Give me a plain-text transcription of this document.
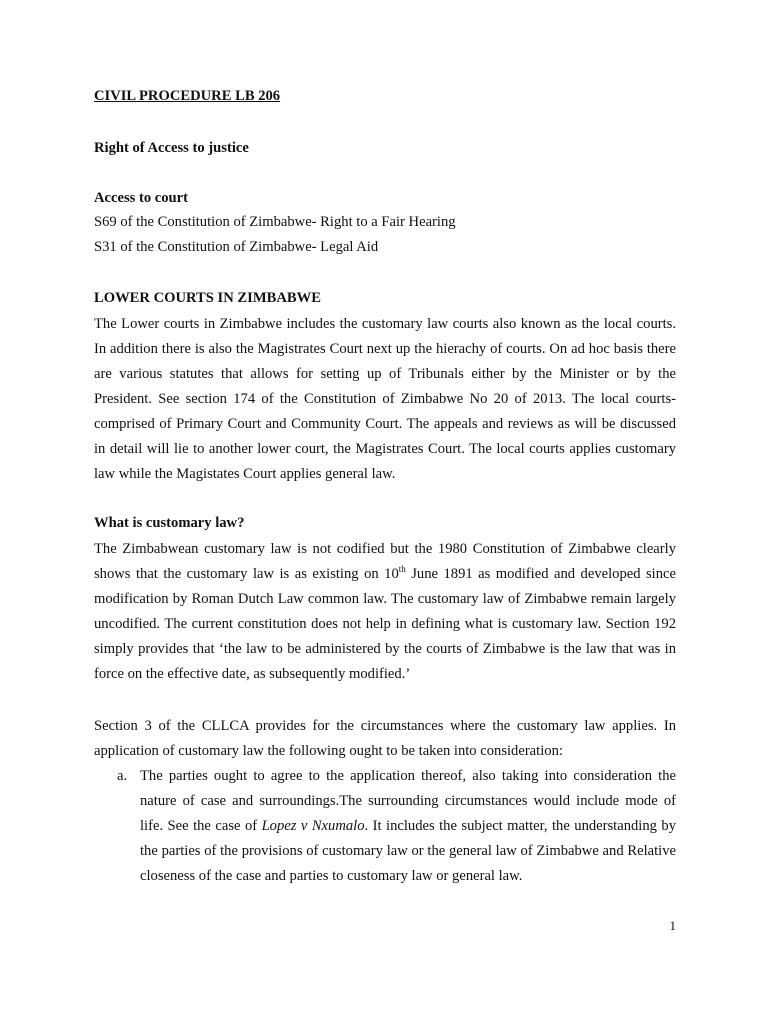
CIVIL PROCEDURE LB 206
Right of Access to justice
Access to court
S69 of the Constitution of Zimbabwe- Right to a Fair Hearing
S31 of the Constitution of Zimbabwe- Legal Aid
LOWER COURTS IN ZIMBABWE
The Lower courts in Zimbabwe includes the customary law courts also known as the local courts. In addition there is also the Magistrates Court next up the hierachy of courts. On ad hoc basis there are various statutes that allows for setting up of Tribunals either by the Minister or by the President. See section 174 of the Constitution of Zimbabwe No 20 of 2013. The local courts-comprised of Primary Court and Community Court. The appeals and reviews as will be discussed in detail will lie to another lower court, the Magistrates Court. The local courts applies customary law while the Magistates Court applies general law.
What is customary law?
The Zimbabwean customary law is not codified but the 1980 Constitution of Zimbabwe clearly shows that the customary law is as existing on 10th June 1891 as modified and developed since modification by Roman Dutch Law common law. The customary law of Zimbabwe remain largely uncodified. The current constitution does not help in defining what is customary law. Section 192 simply provides that ‘the law to be administered by the courts of Zimbabwe is the law that was in force on the effective date, as subsequently modified.’
Section 3 of the CLLCA provides for the circumstances where the customary law applies. In application of customary law the following ought to be taken into consideration:
a. The parties ought to agree to the application thereof, also taking into consideration the nature of case and surroundings.The surrounding circumstances would include mode of life. See the case of Lopez v Nxumalo. It includes the subject matter, the understanding by the parties of the provisions of customary law or the general law of Zimbabwe and Relative closeness of the case and parties to customary law or general law.
1
